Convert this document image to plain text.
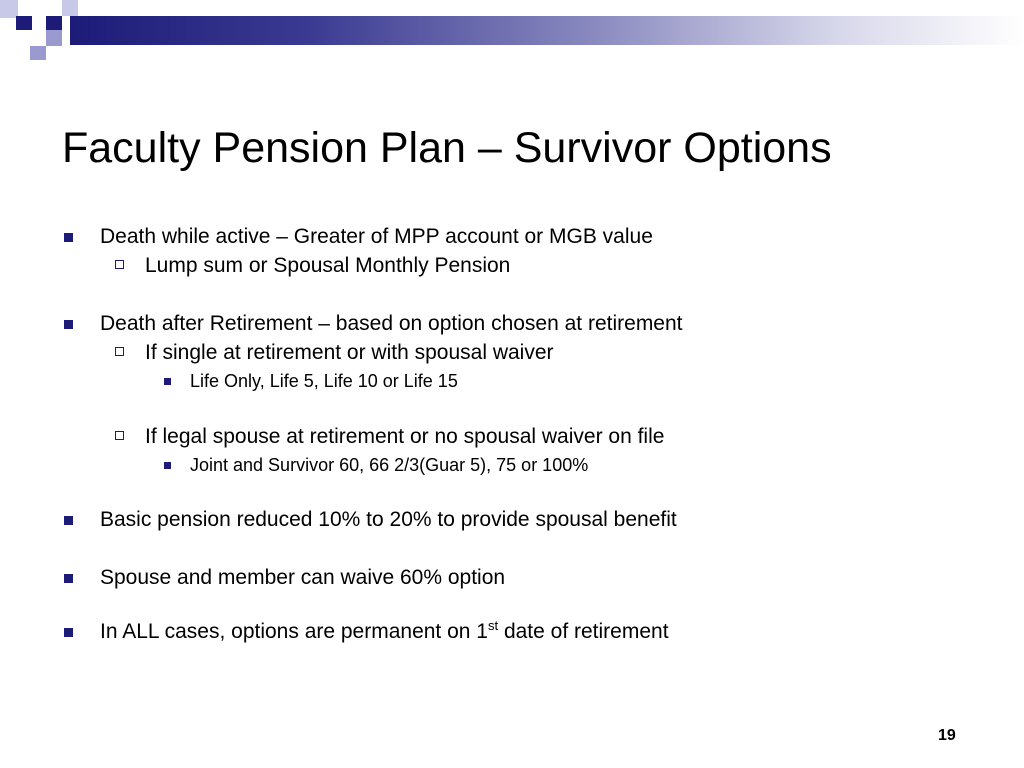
Faculty Pension Plan – Survivor Options
Death while active – Greater of MPP account or MGB value
Lump sum or Spousal Monthly Pension
Death after Retirement – based on option chosen at retirement
If single at retirement or with spousal waiver
Life Only, Life 5, Life 10 or Life 15
If legal spouse at retirement or no spousal waiver on file
Joint and Survivor 60, 66 2/3(Guar 5), 75 or 100%
Basic pension reduced 10% to 20% to provide spousal benefit
Spouse and member can waive 60% option
In ALL cases, options are permanent on 1st date of retirement
19
